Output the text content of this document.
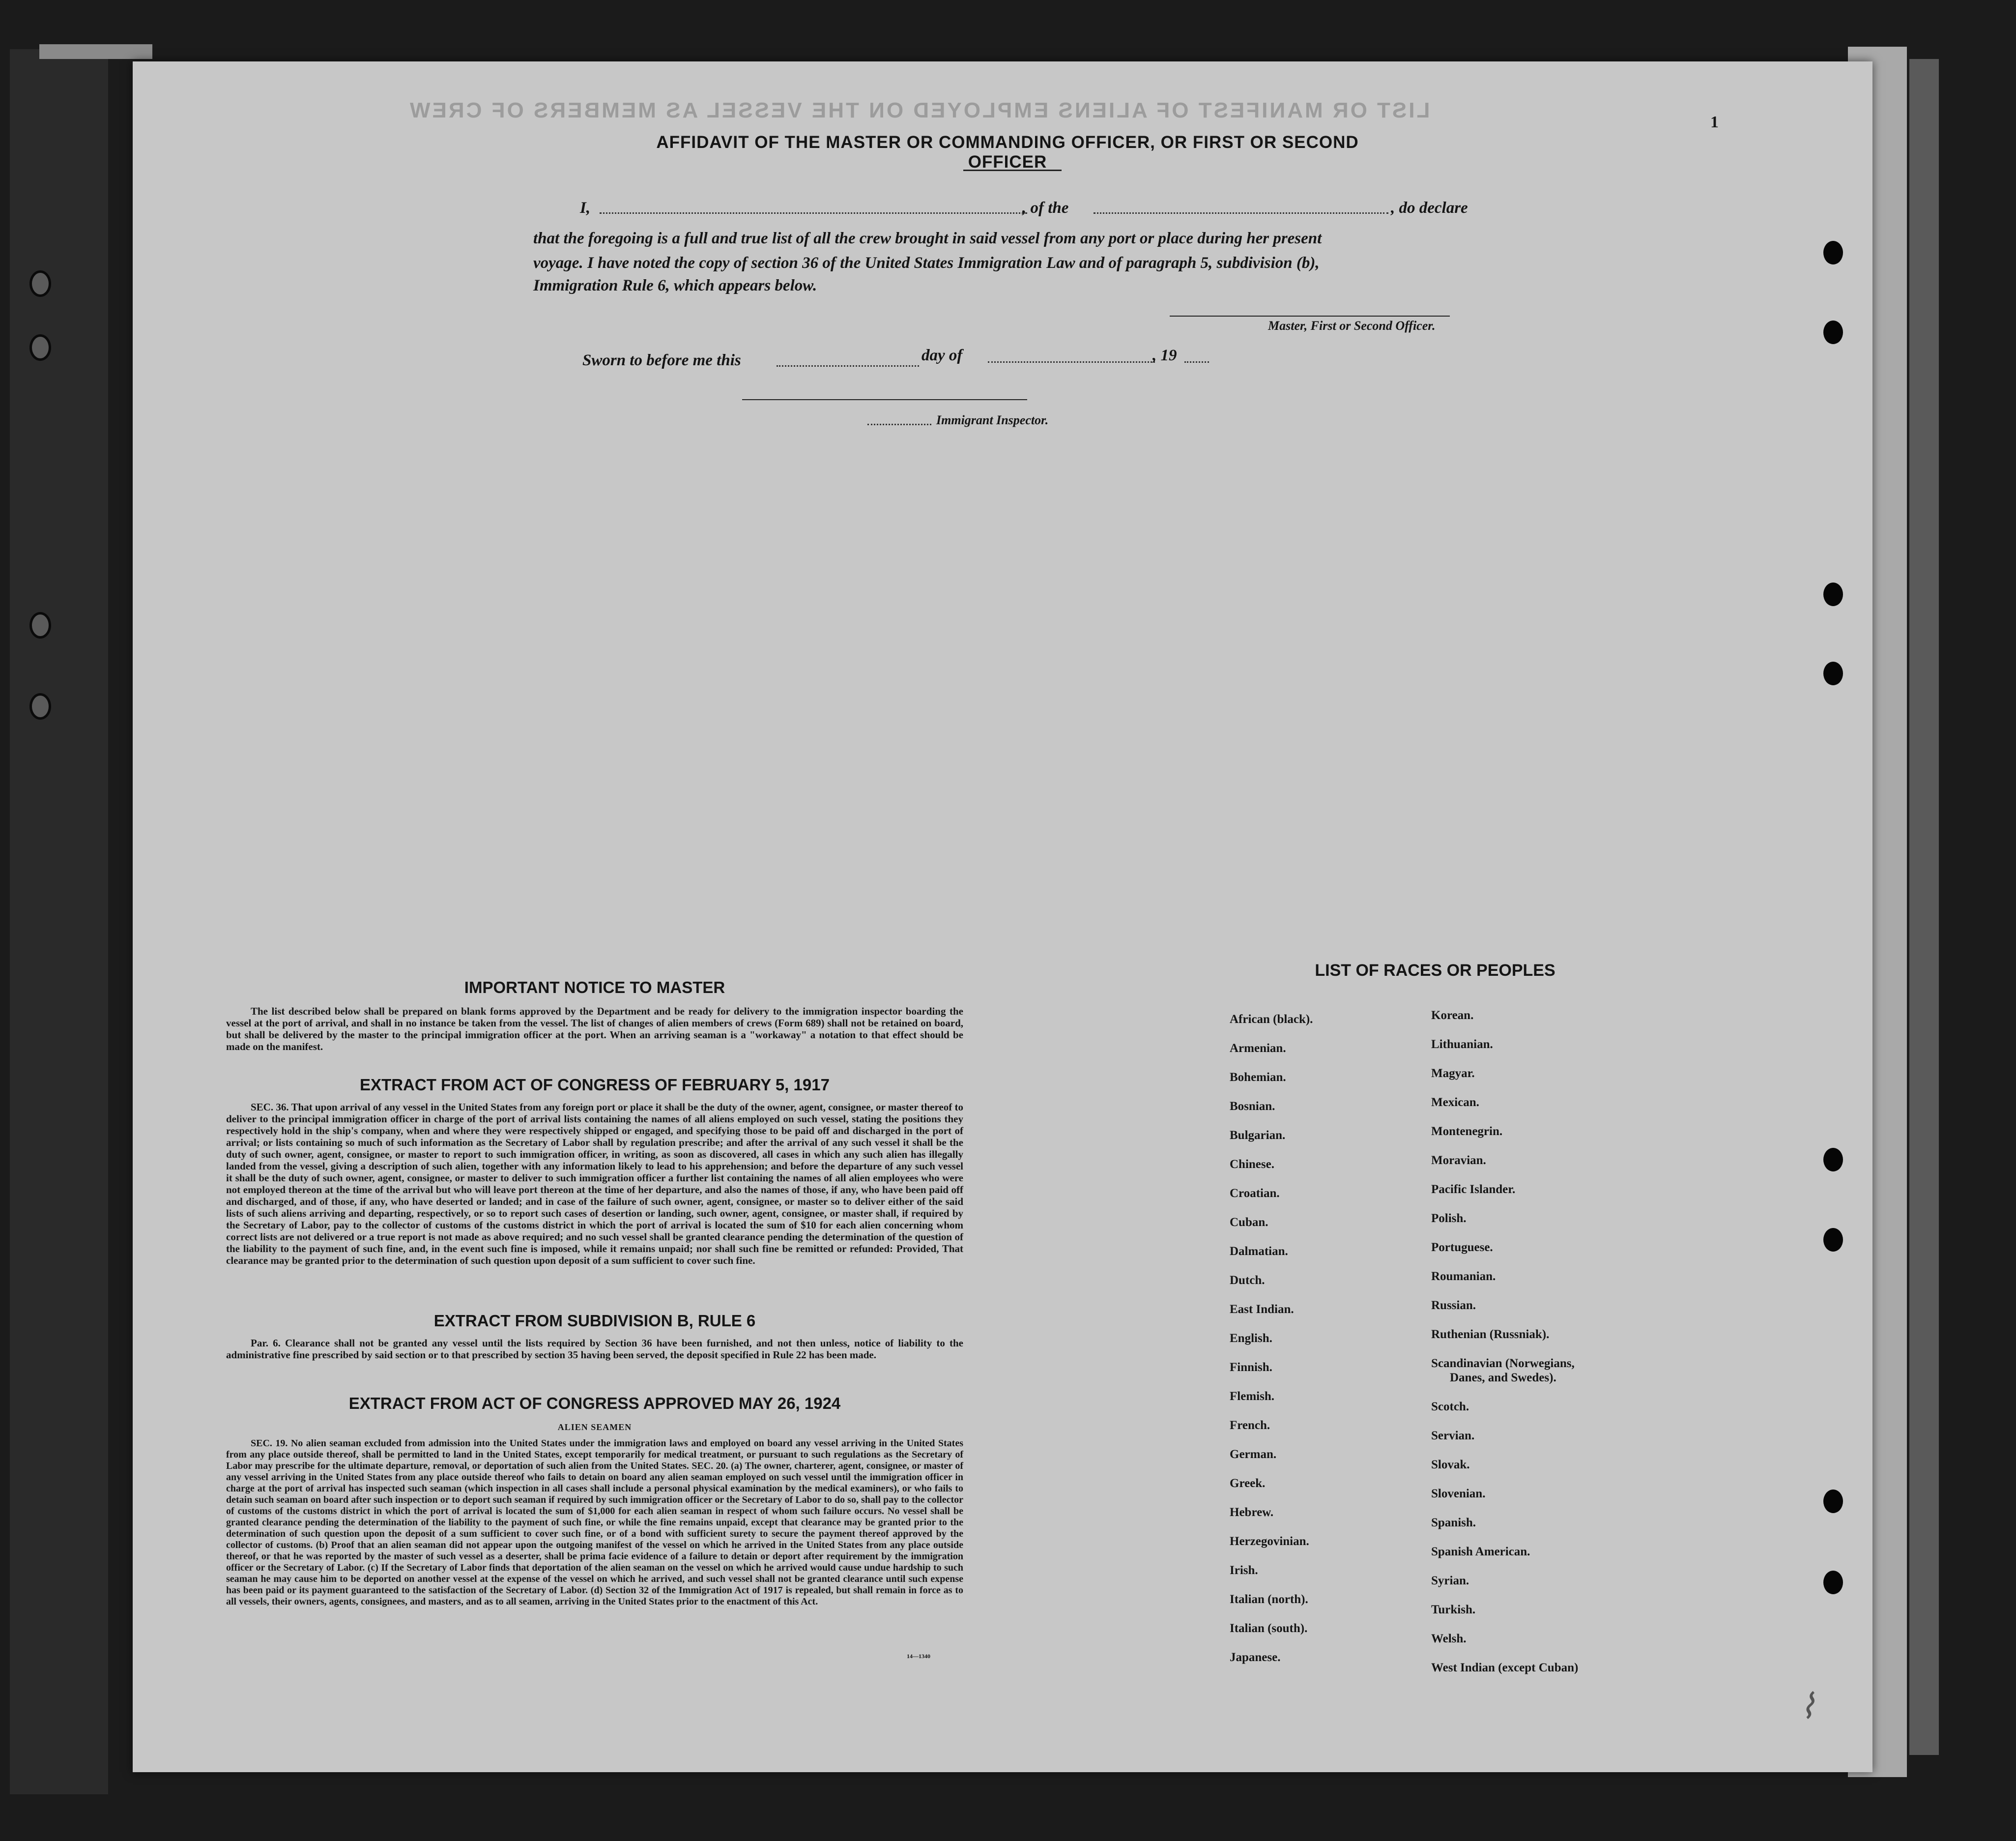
LIST OR MANIFEST OF ALIENS EMPLOYED ON THE VESSEL AS MEMBERS OF CREW	1
AFFIDAVIT OF THE MASTER OR COMMANDING OFFICER, OR FIRST OR SECOND OFFICER
I,	, of the	, do declare
that the foregoing is a full and true list of all the crew brought in said vessel from any port or place during her present
voyage. I have noted the copy of section 36 of the United States Immigration Law and of paragraph 5, subdivision (b),
Immigration Rule 6, which appears below.
Master, First or Second Officer.
Sworn to before me this	day of	, 19
Immigrant Inspector.
IMPORTANT NOTICE TO MASTER
The list described below shall be prepared on blank forms approved by the Department and be ready for delivery to the immigration inspector boarding the vessel at the port of arrival, and shall in no instance be taken from the vessel. The list of changes of alien members of crews (Form 689) shall not be retained on board, but shall be delivered by the master to the principal immigration officer at the port. When an arriving seaman is a "workaway" a notation to that effect should be made on the manifest.
EXTRACT FROM ACT OF CONGRESS OF FEBRUARY 5, 1917
SEC. 36. That upon arrival of any vessel in the United States from any foreign port or place it shall be the duty of the owner, agent, consignee, or master thereof to deliver to the principal immigration officer in charge of the port of arrival lists containing the names of all aliens employed on such vessel, stating the positions they respectively hold in the ship's company, when and where they were respectively shipped or engaged, and specifying those to be paid off and discharged in the port of arrival; or lists containing so much of such information as the Secretary of Labor shall by regulation prescribe; and after the arrival of any such vessel it shall be the duty of such owner, agent, consignee, or master to report to such immigration officer, in writing, as soon as discovered, all cases in which any such alien has illegally landed from the vessel, giving a description of such alien, together with any information likely to lead to his apprehension; and before the departure of any such vessel it shall be the duty of such owner, agent, consignee, or master to deliver to such immigration officer a further list containing the names of all alien employees who were not employed thereon at the time of the arrival but who will leave port thereon at the time of her departure, and also the names of those, if any, who have been paid off and discharged, and of those, if any, who have deserted or landed; and in case of the failure of such owner, agent, consignee, or master so to deliver either of the said lists of such aliens arriving and departing, respectively, or so to report such cases of desertion or landing, such owner, agent, consignee, or master shall, if required by the Secretary of Labor, pay to the collector of customs of the customs district in which the port of arrival is located the sum of $10 for each alien concerning whom correct lists are not delivered or a true report is not made as above required; and no such vessel shall be granted clearance pending the determination of the question of the liability to the payment of such fine, and, in the event such fine is imposed, while it remains unpaid; nor shall such fine be remitted or refunded: Provided, That clearance may be granted prior to the determination of such question upon deposit of a sum sufficient to cover such fine.
EXTRACT FROM SUBDIVISION B, RULE 6
Par. 6. Clearance shall not be granted any vessel until the lists required by Section 36 have been furnished, and not then unless, notice of liability to the administrative fine prescribed by said section or to that prescribed by section 35 having been served, the deposit specified in Rule 22 has been made.
EXTRACT FROM ACT OF CONGRESS APPROVED MAY 26, 1924
ALIEN SEAMEN
SEC. 19. No alien seaman excluded from admission into the United States under the immigration laws and employed on board any vessel arriving in the United States from any place outside thereof, shall be permitted to land in the United States, except temporarily for medical treatment, or pursuant to such regulations as the Secretary of Labor may prescribe for the ultimate departure, removal, or deportation of such alien from the United States. SEC. 20. (a) The owner, charterer, agent, consignee, or master of any vessel arriving in the United States from any place outside thereof who fails to detain on board any alien seaman employed on such vessel until the immigration officer in charge at the port of arrival has inspected such seaman (which inspection in all cases shall include a personal physical examination by the medical examiners), or who fails to detain such seaman on board after such inspection or to deport such seaman if required by such immigration officer or the Secretary of Labor to do so, shall pay to the collector of customs of the customs district in which the port of arrival is located the sum of $1,000 for each alien seaman in respect of whom such failure occurs. No vessel shall be granted clearance pending the determination of the liability to the payment of such fine, or while the fine remains unpaid, except that clearance may be granted prior to the determination of such question upon the deposit of a sum sufficient to cover such fine, or of a bond with sufficient surety to secure the payment thereof approved by the collector of customs. (b) Proof that an alien seaman did not appear upon the outgoing manifest of the vessel on which he arrived in the United States from any place outside thereof, or that he was reported by the master of such vessel as a deserter, shall be prima facie evidence of a failure to detain or deport after requirement by the immigration officer or the Secretary of Labor. (c) If the Secretary of Labor finds that deportation of the alien seaman on the vessel on which he arrived would cause undue hardship to such seaman he may cause him to be deported on another vessel at the expense of the vessel on which he arrived, and such vessel shall not be granted clearance until such expense has been paid or its payment guaranteed to the satisfaction of the Secretary of Labor. (d) Section 32 of the Immigration Act of 1917 is repealed, but shall remain in force as to all vessels, their owners, agents, consignees, and masters, and as to all seamen, arriving in the United States prior to the enactment of this Act.
14—1340
LIST OF RACES OR PEOPLES
African (black).
Armenian.
Bohemian.
Bosnian.
Bulgarian.
Chinese.
Croatian.
Cuban.
Dalmatian.
Dutch.
East Indian.
English.
Finnish.
Flemish.
French.
German.
Greek.
Hebrew.
Herzegovinian.
Irish.
Italian (north).
Italian (south).
Japanese.
Korean.
Lithuanian.
Magyar.
Mexican.
Montenegrin.
Moravian.
Pacific Islander.
Polish.
Portuguese.
Roumanian.
Russian.
Ruthenian (Russniak).
Scandinavian (Norwegians,
Danes, and Swedes).
Scotch.
Servian.
Slovak.
Slovenian.
Spanish.
Spanish American.
Syrian.
Turkish.
Welsh.
West Indian (except Cuban)
⌇
